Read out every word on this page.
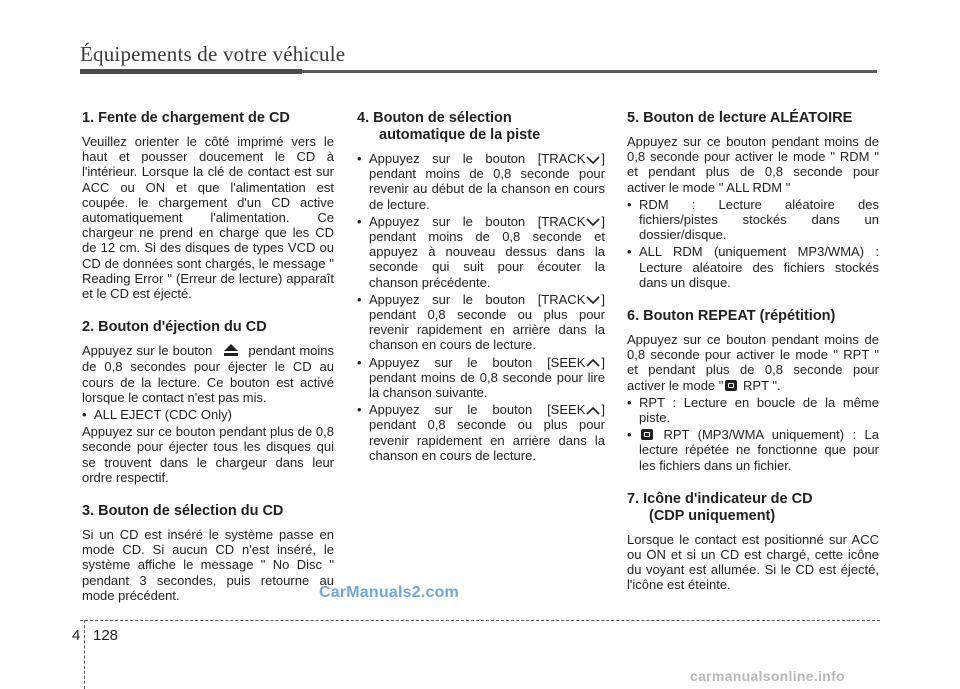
Équipements de votre véhicule
1. Fente de chargement de CD

Veuillez orienter le côté imprimé vers le haut et pousser doucement le CD à l'intérieur. Lorsque la clé de contact est sur ACC ou ON et que l'alimentation est coupée. le chargement d'un CD active automatiquement l'alimentation. Ce chargeur ne prend en charge que les CD de 12 cm. Si des disques de types VCD ou CD de données sont chargés, le message " Reading Error " (Erreur de lecture) apparaît et le CD est éjecté.

2. Bouton d'éjection du CD

Appuyez sur le bouton	pendant moins de 0,8 secondes pour éjecter le CD au cours de la lecture. Ce bouton est activé lorsque le contact n'est pas mis.

• ALL EJECT (CDC Only)

Appuyez sur ce bouton pendant plus de 0,8 seconde pour éjecter tous les disques qui se trouvent dans le chargeur dans leur ordre respectif.

3. Bouton de sélection du CD

Si un CD est inséré le système passe en mode CD. Si aucun CD n'est inséré, le système affiche le message " No Disc " pendant 3 secondes, puis retourne au mode précédent.

4. Bouton de sélection
automatique de la piste
• Appuyez sur le bouton [TRACK ] pendant moins de 0,8 seconde pour revenir au début de la chanson en cours de lecture.
• Appuyez sur le bouton [TRACK ] pendant moins de 0,8 seconde et appuyez à nouveau dessus dans la seconde qui suit pour écouter la chanson précédente.
• Appuyez sur le bouton [TRACK ] pendant 0,8 seconde ou plus pour revenir rapidement en arrière dans la chanson en cours de lecture.
• Appuyez sur le bouton [SEEK ] pendant moins de 0,8 seconde pour lire la chanson suivante.
• Appuyez sur le bouton [SEEK ] pendant 0,8 seconde ou plus pour revenir rapidement en arrière dans la chanson en cours de lecture.
5. Bouton de lecture ALÉATOIRE

Appuyez sur ce bouton pendant moins de 0,8 seconde pour activer le mode " RDM " et pendant plus de 0,8 seconde pour activer le mode " ALL RDM "

• RDM : Lecture aléatoire des fichiers/pistes stockés dans un dossier/disque.
• ALL RDM (uniquement MP3/WMA) : Lecture aléatoire des fichiers stockés dans un disque.
6. Bouton REPEAT (répétition)

Appuyez sur ce bouton pendant moins de 0,8 seconde pour activer le mode " RPT " et pendant plus de 0,8 seconde pour activer le mode " RPT ".

• RPT : Lecture en boucle de la même piste.
• RPT (MP3/WMA uniquement) : La lecture répétée ne fonctionne que pour les fichiers dans un fichier.
7. Icône d'indicateur de CD
(CDP uniquement)

Lorsque le contact est positionné sur ACC ou ON et si un CD est chargé, cette icône du voyant est allumée. Si le CD est éjecté, l'icône est éteinte.

CarManuals2.com
4 128
carmanualsonline.info
